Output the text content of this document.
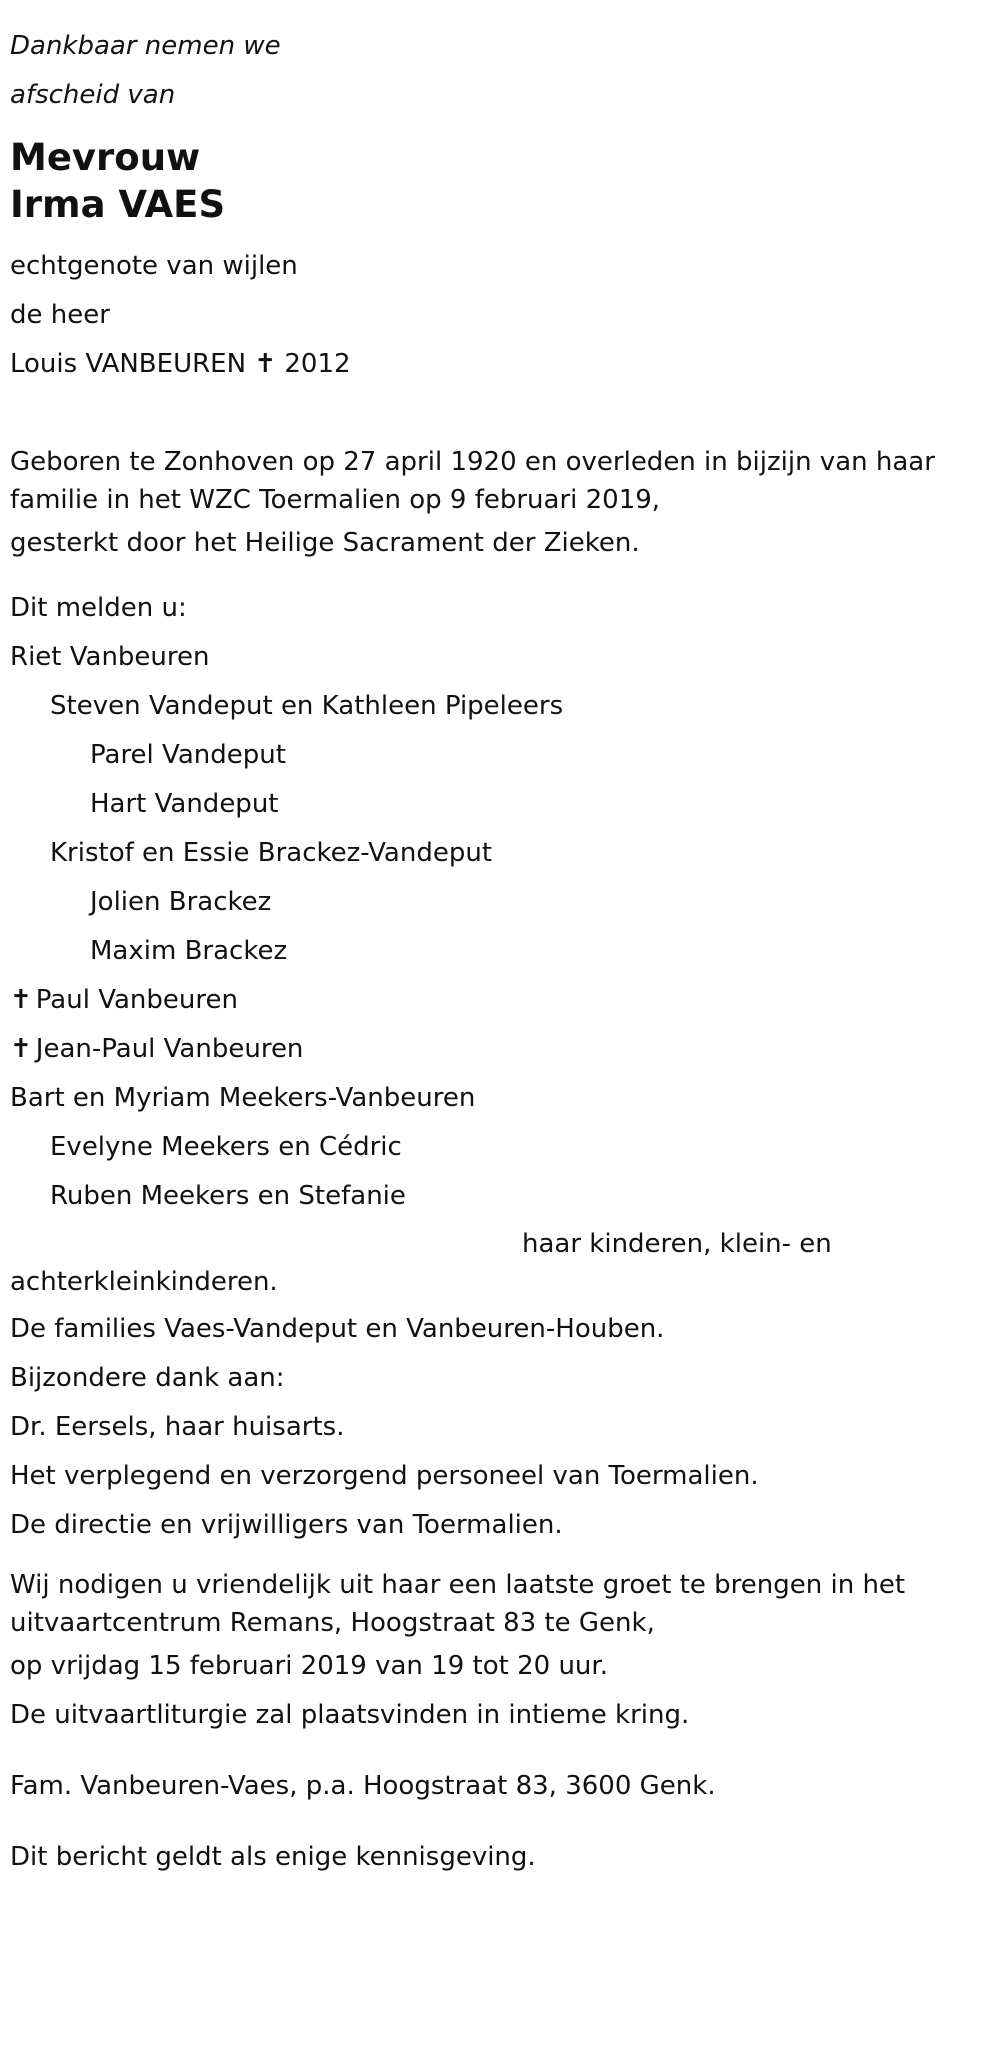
Dankbaar nemen we
afscheid van
Mevrouw
Irma VAES
echtgenote van wijlen
de heer
Louis VANBEUREN ✝ 2012
Geboren te Zonhoven op 27 april 1920 en overleden in bijzijn van haar familie in het WZC Toermalien op 9 februari 2019,
gesterkt door het Heilige Sacrament der Zieken.
Dit melden u:
Riet Vanbeuren
Steven Vandeput en Kathleen Pipeleers
Parel Vandeput
Hart Vandeput
Kristof en Essie Brackez-Vandeput
Jolien Brackez
Maxim Brackez
✝ Paul Vanbeuren
✝ Jean-Paul Vanbeuren
Bart en Myriam Meekers-Vanbeuren
Evelyne Meekers en Cédric
Ruben Meekers en Stefanie
haar kinderen, klein- en
achterkleinkinderen.
De families Vaes-Vandeput en Vanbeuren-Houben.
Bijzondere dank aan:
Dr. Eersels, haar huisarts.
Het verplegend en verzorgend personeel van Toermalien.
De directie en vrijwilligers van Toermalien.
Wij nodigen u vriendelijk uit haar een laatste groet te brengen in het uitvaartcentrum Remans, Hoogstraat 83 te Genk,
op vrijdag 15 februari 2019 van 19 tot 20 uur.
De uitvaartliturgie zal plaatsvinden in intieme kring.
Fam. Vanbeuren-Vaes, p.a. Hoogstraat 83, 3600 Genk.
Dit bericht geldt als enige kennisgeving.
